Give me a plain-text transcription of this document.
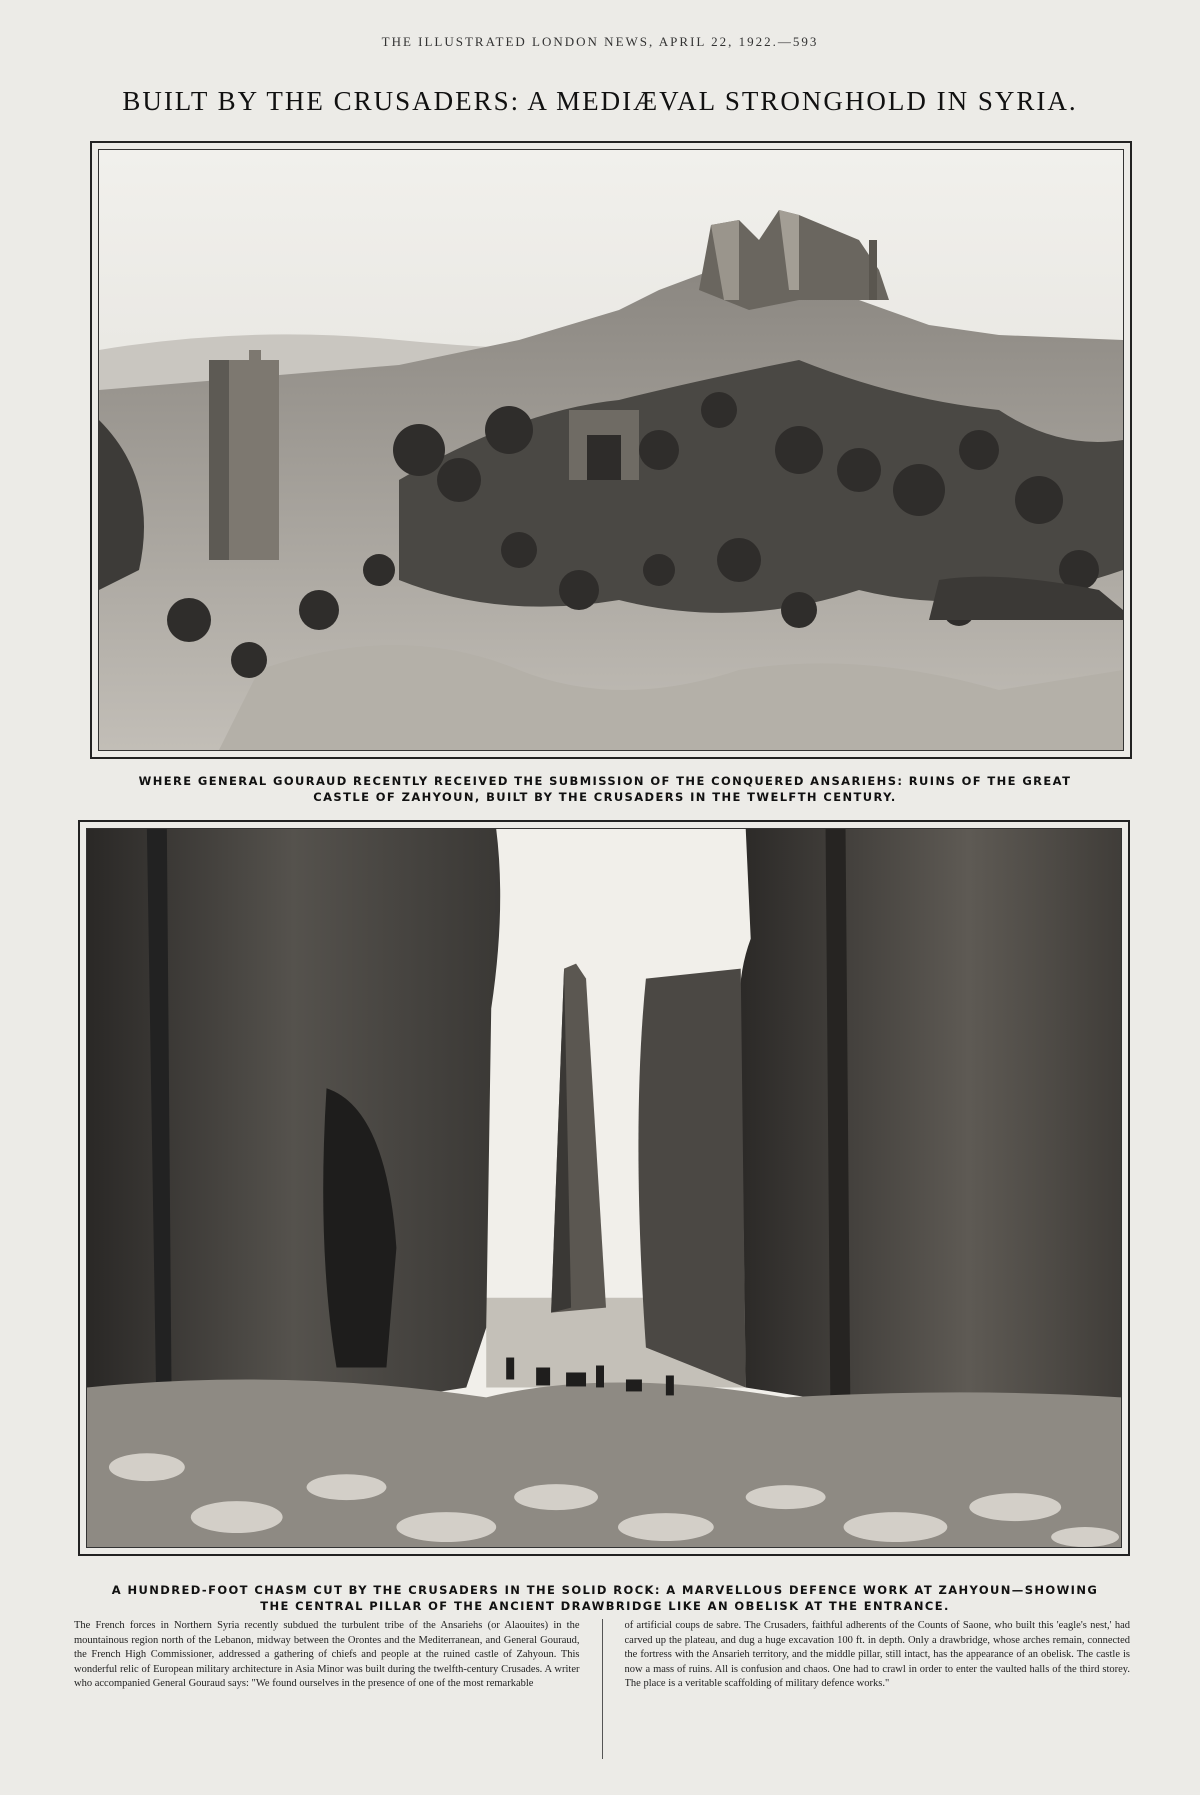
THE ILLUSTRATED LONDON NEWS, APRIL 22, 1922.—593
BUILT BY THE CRUSADERS: A MEDIÆVAL STRONGHOLD IN SYRIA.
WHERE GENERAL GOURAUD RECENTLY RECEIVED THE SUBMISSION OF THE CONQUERED ANSARIEHS: RUINS OF THE GREAT CASTLE OF ZAHYOUN, BUILT BY THE CRUSADERS IN THE TWELFTH CENTURY.
A HUNDRED-FOOT CHASM CUT BY THE CRUSADERS IN THE SOLID ROCK: A MARVELLOUS DEFENCE WORK AT ZAHYOUN—SHOWING THE CENTRAL PILLAR OF THE ANCIENT DRAWBRIDGE LIKE AN OBELISK AT THE ENTRANCE.
The French forces in Northern Syria recently subdued the turbulent tribe of the Ansariehs (or Alaouites) in the mountainous region north of the Lebanon, midway between the Orontes and the Mediterranean, and General Gouraud, the French High Commissioner, addressed a gathering of chiefs and people at the ruined castle of Zahyoun. This wonderful relic of European military architecture in Asia Minor was built during the twelfth-century Crusades. A writer who accompanied General Gouraud says: "We found ourselves in the presence of one of the most remarkable
of artificial coups de sabre. The Crusaders, faithful adherents of the Counts of Saone, who built this 'eagle's nest,' had carved up the plateau, and dug a huge excavation 100 ft. in depth. Only a drawbridge, whose arches remain, connected the fortress with the Ansarieh territory, and the middle pillar, still intact, has the appearance of an obelisk. The castle is now a mass of ruins. All is confusion and chaos. One had to crawl in order to enter the vaulted halls of the third storey. The place is a veritable scaffolding of military defence works."
